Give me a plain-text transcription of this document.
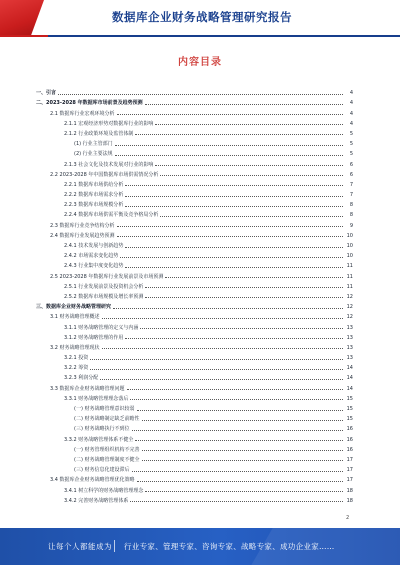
数据库企业财务战略管理研究报告
内容目录
一、引言	4
二、2023-2028 年数据库市场前景及趋势预测	4
2.1 数据库行业宏观环境分析	4
2.1.1 宏观经济形势对数据库行业的影响	4
2.1.2 行业政策环境及监管体制	5
(1) 行业主管部门	5
(2) 行业主要法规	5
2.1.3 社会文化及技术发展对行业的影响	6
2.2 2023-2028 年中国数据库市场供需情况分析	6
2.2.1 数据库市场供给分析	7
2.2.2 数据库市场需求分析	7
2.2.3 数据库市场规模分析	8
2.2.4 数据库市场供需平衡及竞争格局分析	8
2.3 数据库行业竞争结构分析	9
2.4 数据库行业发展趋势预测	10
2.4.1 技术发展与创新趋势	10
2.4.2 市场需求变化趋势	10
2.4.3 行业集中度变化趋势	11
2.5 2023-2028 年数据库行业发展前景及市场预测	11
2.5.1 行业发展前景及投资机会分析	11
2.5.2 数据库市场规模及增长率预测	12
三、数据库企业财务战略管理研究	12
3.1 财务战略管理概述	12
3.1.1 财务战略管理的定义与内涵	13
3.1.2 财务战略管理的作用	13
3.2 财务战略管理现状	13
3.2.1 投资	13
3.2.2 筹资	14
3.2.3 利润分配	14
3.3 数据库企业财务战略管理问题	14
3.3.1 财务战略管理理念落后	15
(一) 财务战略管理意识较弱	15
(二) 财务战略制定缺乏前瞻性	15
(三) 财务战略执行不到位	16
3.3.2 财务战略管理体系不健全	16
(一) 财务管理组织机构不完善	16
(二) 财务战略管理制度不健全	17
(三) 财务信息化建设滞后	17
3.4 数据库企业财务战略管理优化策略	17
3.4.1 树立科学的财务战略管理理念	18
3.4.2 完善财务战略管理体系	18
2
让每个人都能成为 行业专家、管理专家、咨询专家、战略专家、成功企业家……
